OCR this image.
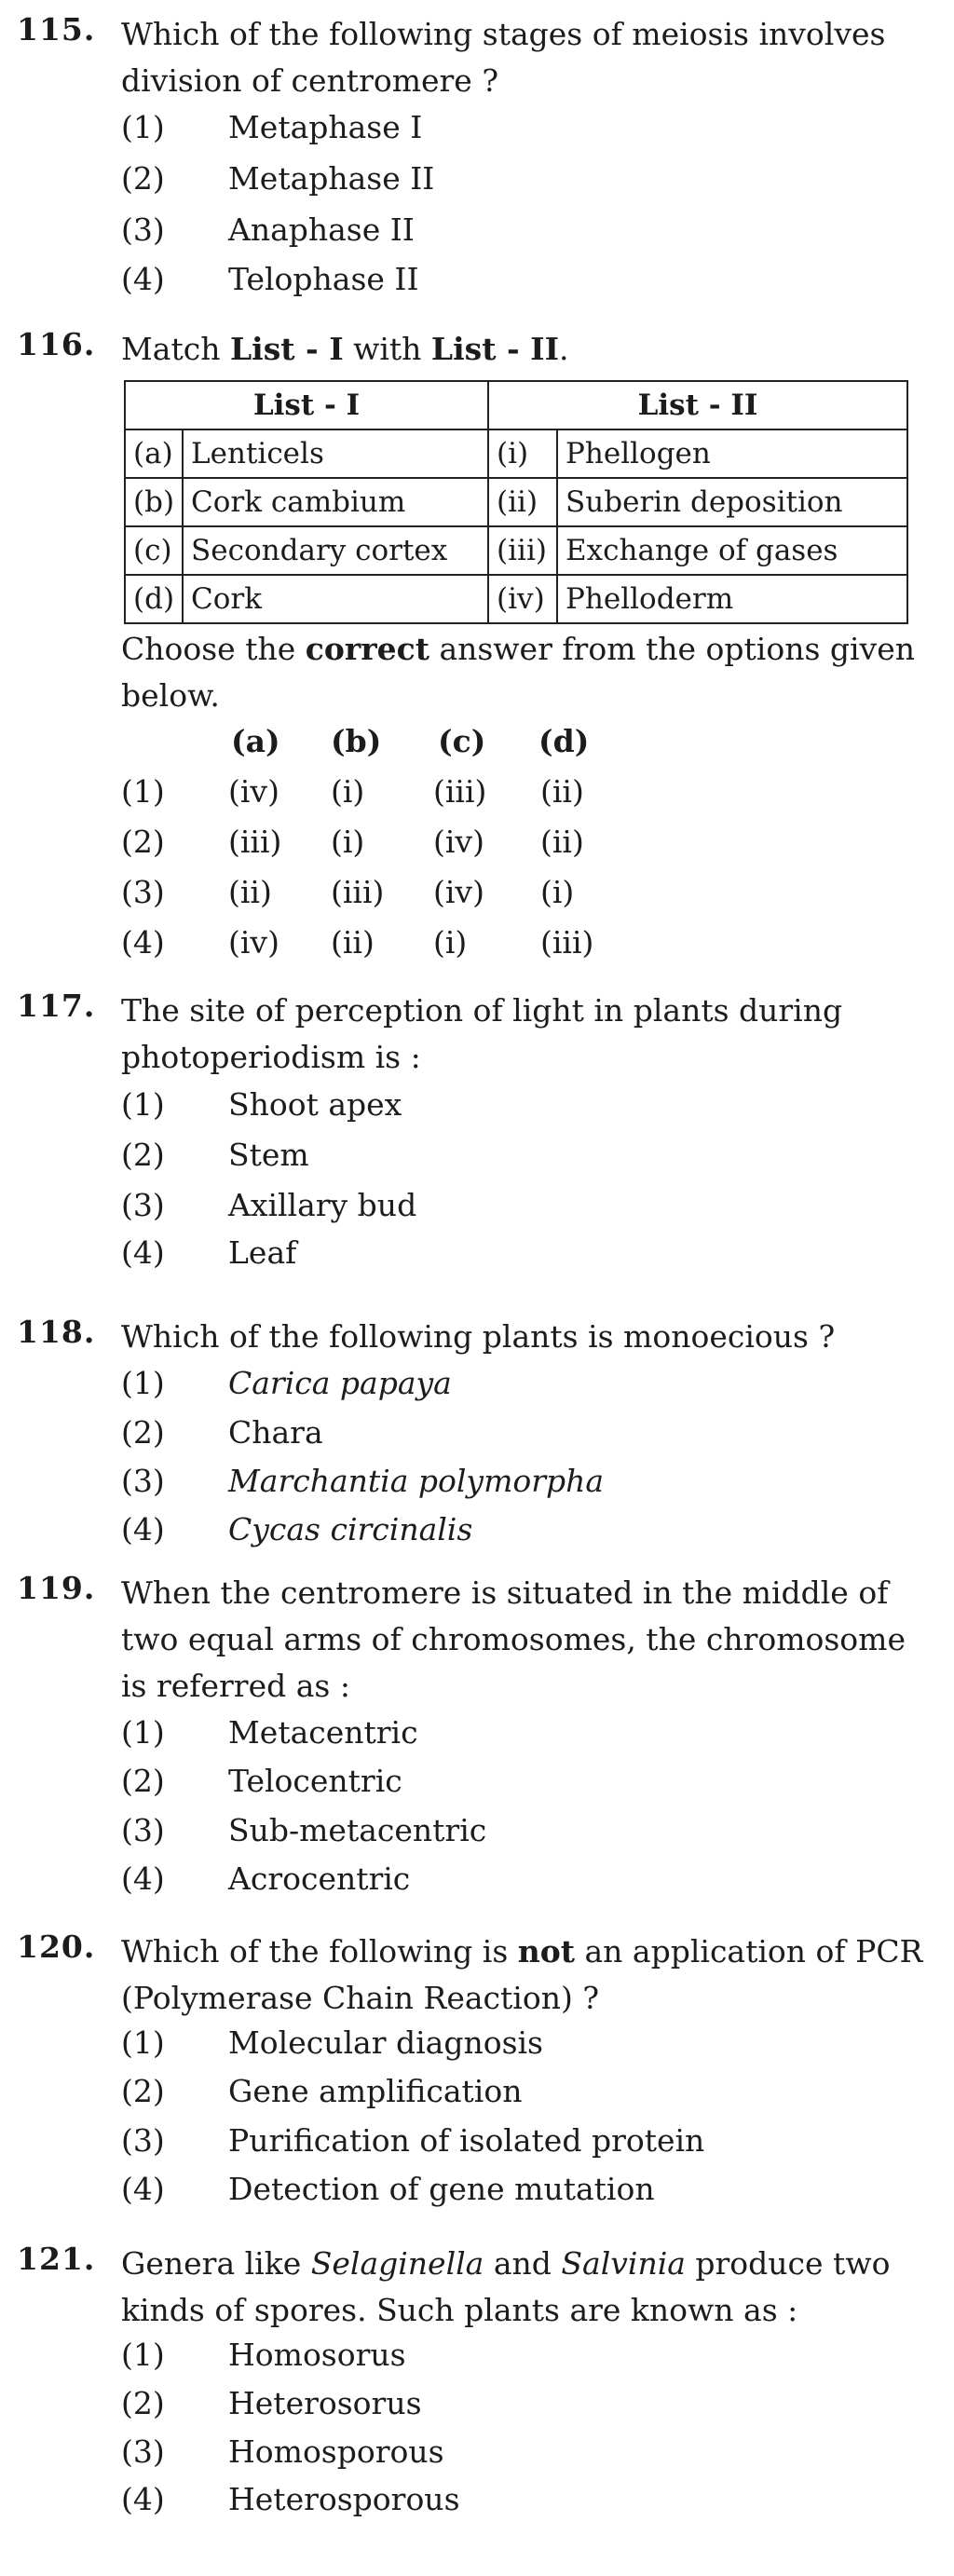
115. Which of the following stages of meiosis involves division of centromere ?
(1)	Metaphase I
(2)	Metaphase II
(3)	Anaphase II
(4)	Telophase II
116. Match List - I with List - II.
List - I		List - II	
(a)	Lenticels	(i)	Phellogen
(b)	Cork cambium	(ii)	Suberin deposition
(c)	Secondary cortex	(iii)	Exchange of gases
(d)	Cork	(iv)	Phelloderm
Choose the correct answer from the options given below.
(a) (b) (c) (d)
(1) (iv) (i) (iii) (ii)
(2) (iii) (i) (iv) (ii)
(3) (ii) (iii) (iv) (i)
(4) (iv) (ii) (i) (iii)
117. The site of perception of light in plants during photoperiodism is :
(1)	Shoot apex
(2)	Stem
(3)	Axillary bud
(4)	Leaf
118. Which of the following plants is monoecious ?
(1)	Carica papaya
(2)	Chara
(3)	Marchantia polymorpha
(4)	Cycas circinalis
119. When the centromere is situated in the middle of two equal arms of chromosomes, the chromosome is referred as :
(1)	Metacentric
(2)	Telocentric
(3)	Sub-metacentric
(4)	Acrocentric
120. Which of the following is not an application of PCR (Polymerase Chain Reaction) ?
(1)	Molecular diagnosis
(2)	Gene amplification
(3)	Purification of isolated protein
(4)	Detection of gene mutation
121. Genera like Selaginella and Salvinia produce two kinds of spores. Such plants are known as :
(1)	Homosorus
(2)	Heterosorus
(3)	Homosporous
(4)	Heterosporous
